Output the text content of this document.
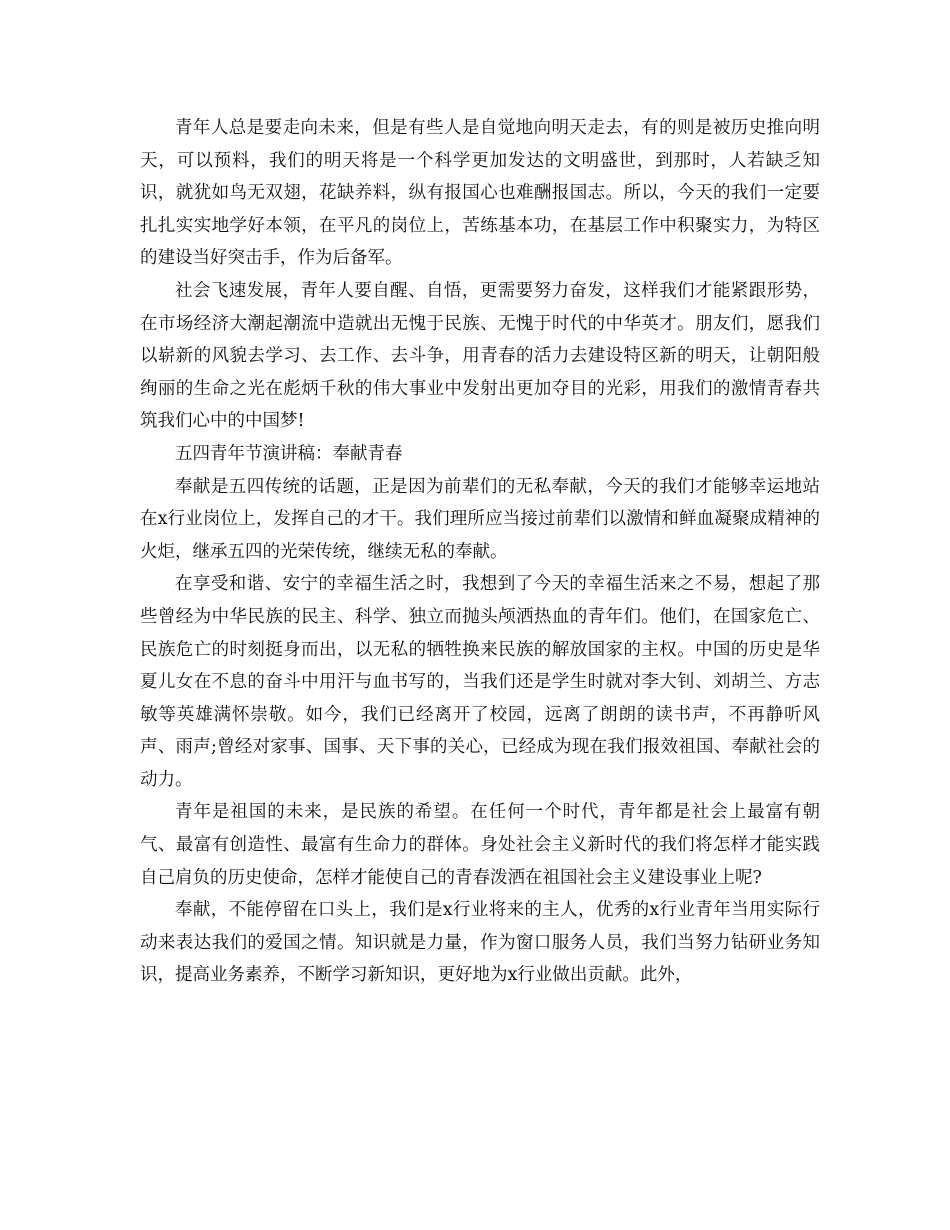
青年人总是要走向未来，但是有些人是自觉地向明天走去，有的则是被历史推向明天，可以预料，我们的明天将是一个科学更加发达的文明盛世，到那时，人若缺乏知识，就犹如鸟无双翅，花缺养料，纵有报国心也难酬报国志。所以，今天的我们一定要扎扎实实地学好本领，在平凡的岗位上，苦练基本功，在基层工作中积聚实力，为特区的建设当好突击手，作为后备军。

社会飞速发展，青年人要自醒、自悟，更需要努力奋发，这样我们才能紧跟形势，在市场经济大潮起潮流中造就出无愧于民族、无愧于时代的中华英才。朋友们，愿我们以崭新的风貌去学习、去工作、去斗争，用青春的活力去建设特区新的明天，让朝阳般绚丽的生命之光在彪炳千秋的伟大事业中发射出更加夺目的光彩，用我们的激情青春共筑我们心中的中国梦!

五四青年节演讲稿：奉献青春

奉献是五四传统的话题，正是因为前辈们的无私奉献，今天的我们才能够幸运地站在x行业岗位上，发挥自己的才干。我们理所应当接过前辈们以激情和鲜血凝聚成精神的火炬，继承五四的光荣传统，继续无私的奉献。

在享受和谐、安宁的幸福生活之时，我想到了今天的幸福生活来之不易，想起了那些曾经为中华民族的民主、科学、独立而抛头颅洒热血的青年们。他们，在国家危亡、民族危亡的时刻挺身而出，以无私的牺牲换来民族的解放国家的主权。中国的历史是华夏儿女在不息的奋斗中用汗与血书写的，当我们还是学生时就对李大钊、刘胡兰、方志敏等英雄满怀崇敬。如今，我们已经离开了校园，远离了朗朗的读书声，不再静听风声、雨声;曾经对家事、国事、天下事的关心，已经成为现在我们报效祖国、奉献社会的动力。

青年是祖国的未来，是民族的希望。在任何一个时代，青年都是社会上最富有朝气、最富有创造性、最富有生命力的群体。身处社会主义新时代的我们将怎样才能实践自己肩负的历史使命，怎样才能使自己的青春泼洒在祖国社会主义建设事业上呢?

奉献，不能停留在口头上，我们是x行业将来的主人，优秀的x行业青年当用实际行动来表达我们的爱国之情。知识就是力量，作为窗口服务人员，我们当努力钻研业务知识，提高业务素养，不断学习新知识，更好地为x行业做出贡献。此外，
